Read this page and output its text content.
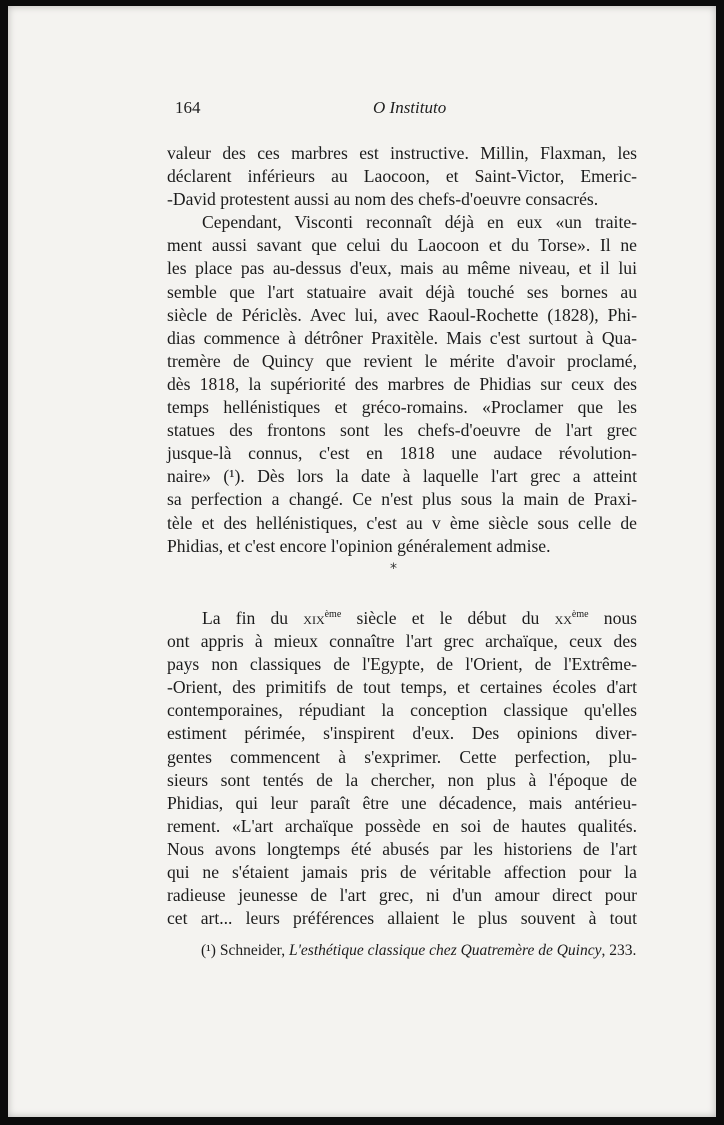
164	O Instituto
valeur des ces marbres est instructive. Millin, Flaxman, les
déclarent inférieurs au Laocoon, et Saint-Victor, Emeric-
-David protestent aussi au nom des chefs-d'oeuvre consacrés.
Cependant, Visconti reconnaît déjà en eux «un traite-
ment aussi savant que celui du Laocoon et du Torse». Il ne
les place pas au-dessus d'eux, mais au même niveau, et il lui
semble que l'art statuaire avait déjà touché ses bornes au
siècle de Périclès. Avec lui, avec Raoul-Rochette (1828), Phi-
dias commence à détrôner Praxitèle. Mais c'est surtout à Qua-
tremère de Quincy que revient le mérite d'avoir proclamé,
dès 1818, la supériorité des marbres de Phidias sur ceux des
temps hellénistiques et gréco-romains. «Proclamer que les
statues des frontons sont les chefs-d'oeuvre de l'art grec
jusque-là connus, c'est en 1818 une audace révolution-
naire» (¹). Dès lors la date à laquelle l'art grec a atteint
sa perfection a changé. Ce n'est plus sous la main de Praxi-
tèle et des hellénistiques, c'est au v ème siècle sous celle de
Phidias, et c'est encore l'opinion généralement admise.
*
La fin du xix$^{ème}$ siècle et le début du $xx^{ème}$ nous
ont appris à mieux connaître l'art grec archaïque, ceux des
pays non classiques de l'Egypte, de l'Orient, de l'Extrême-
-Orient, des primitifs de tout temps, et certaines écoles d'art
contemporaines, répudiant la conception classique qu'elles
estiment périmée, s'inspirent d'eux. Des opinions diver-
gentes commencent à s'exprimer. Cette perfection, plu-
sieurs sont tentés de la chercher, non plus à l'époque de
Phidias, qui leur paraît être une décadence, mais antérieu-
rement. «L'art archaïque possède en soi de hautes qualités.
Nous avons longtemps été abusés par les historiens de l'art
qui ne s'étaient jamais pris de véritable affection pour la
radieuse jeunesse de l'art grec, ni d'un amour direct pour
cet art... leurs préférences allaient le plus souvent à tout
(¹) Schneider, L'esthétique classique chez Quatremère de Quincy, 233.
